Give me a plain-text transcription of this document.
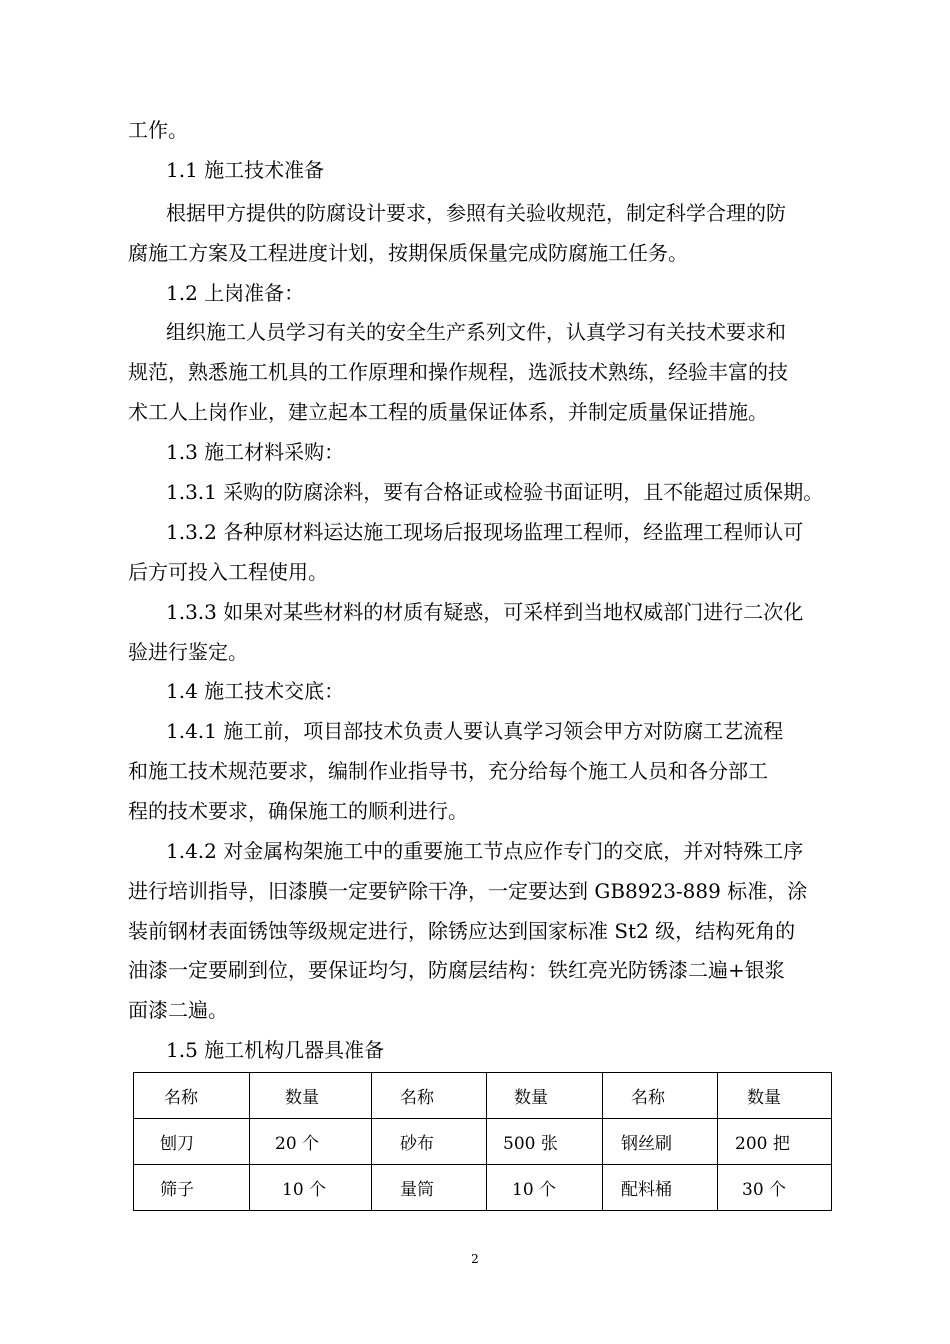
工作。
1.1 施工技术准备
根据甲方提供的防腐设计要求，参照有关验收规范，制定科学合理的防
腐施工方案及工程进度计划，按期保质保量完成防腐施工任务。
1.2 上岗准备：
组织施工人员学习有关的安全生产系列文件，认真学习有关技术要求和
规范，熟悉施工机具的工作原理和操作规程，选派技术熟练，经验丰富的技
术工人上岗作业，建立起本工程的质量保证体系，并制定质量保证措施。
1.3 施工材料采购：
1.3.1 采购的防腐涂料，要有合格证或检验书面证明，且不能超过质保期。
1.3.2 各种原材料运达施工现场后报现场监理工程师，经监理工程师认可
后方可投入工程使用。
1.3.3 如果对某些材料的材质有疑惑，可采样到当地权威部门进行二次化
验进行鉴定。
1.4 施工技术交底：
1.4.1 施工前，项目部技术负责人要认真学习领会甲方对防腐工艺流程
和施工技术规范要求，编制作业指导书，充分给每个施工人员和各分部工
程的技术要求，确保施工的顺利进行。
1.4.2 对金属构架施工中的重要施工节点应作专门的交底，并对特殊工序
进行培训指导，旧漆膜一定要铲除干净，一定要达到 GB8923-889 标准，涂
装前钢材表面锈蚀等级规定进行，除锈应达到国家标准 St2 级，结构死角的
油漆一定要刷到位，要保证均匀，防腐层结构：铁红亮光防锈漆二遍+银浆
面漆二遍。
1.5 施工机构几器具准备
名称	数量	名称	数量	名称	数量
刨刀	20 个	砂布	500 张	钢丝刷	200 把
筛子	10 个	量筒	10 个	配料桶	30 个
2
